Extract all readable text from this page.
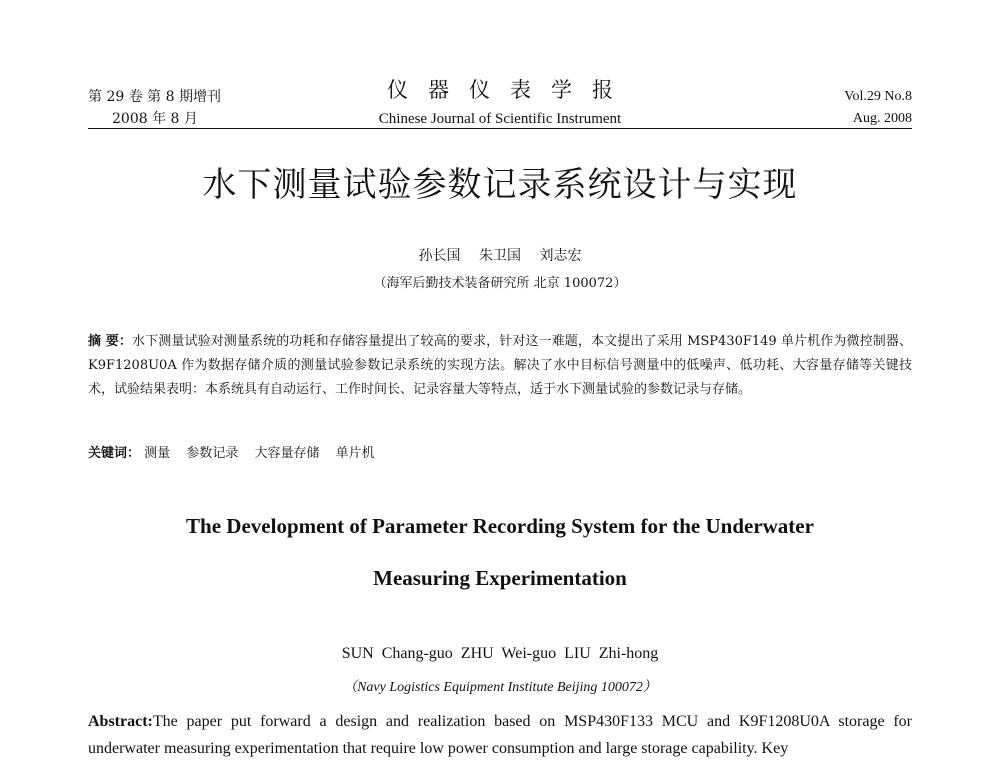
第 29 卷 第 8 期增刊
2008 年 8 月
仪器仪表学报
Chinese Journal of Scientific Instrument
Vol.29 No.8
Aug. 2008
水下测量试验参数记录系统设计与实现
孙长国 朱卫国 刘志宏
（海军后勤技术装备研究所 北京 100072）
摘 要：水下测量试验对测量系统的功耗和存储容量提出了较高的要求，针对这一难题，本文提出了采用 MSP430F149 单片机作为微控制器、K9F1208U0A 作为数据存储介质的测量试验参数记录系统的实现方法。解决了水中目标信号测量中的低噪声、低功耗、大容量存储等关键技术，试验结果表明：本系统具有自动运行、工作时间长、记录容量大等特点，适于水下测量试验的参数记录与存储。
关键词： 测量 参数记录 大容量存储 单片机
The Development of Parameter Recording System for the Underwater
Measuring Experimentation
SUN Chang-guo ZHU Wei-guo LIU Zhi-hong
（Navy Logistics Equipment Institute Beijing 100072）
Abstract:The paper put forward a design and realization based on MSP430F133 MCU and K9F1208U0A storage for underwater measuring experimentation that require low power consumption and large storage capability. Key
